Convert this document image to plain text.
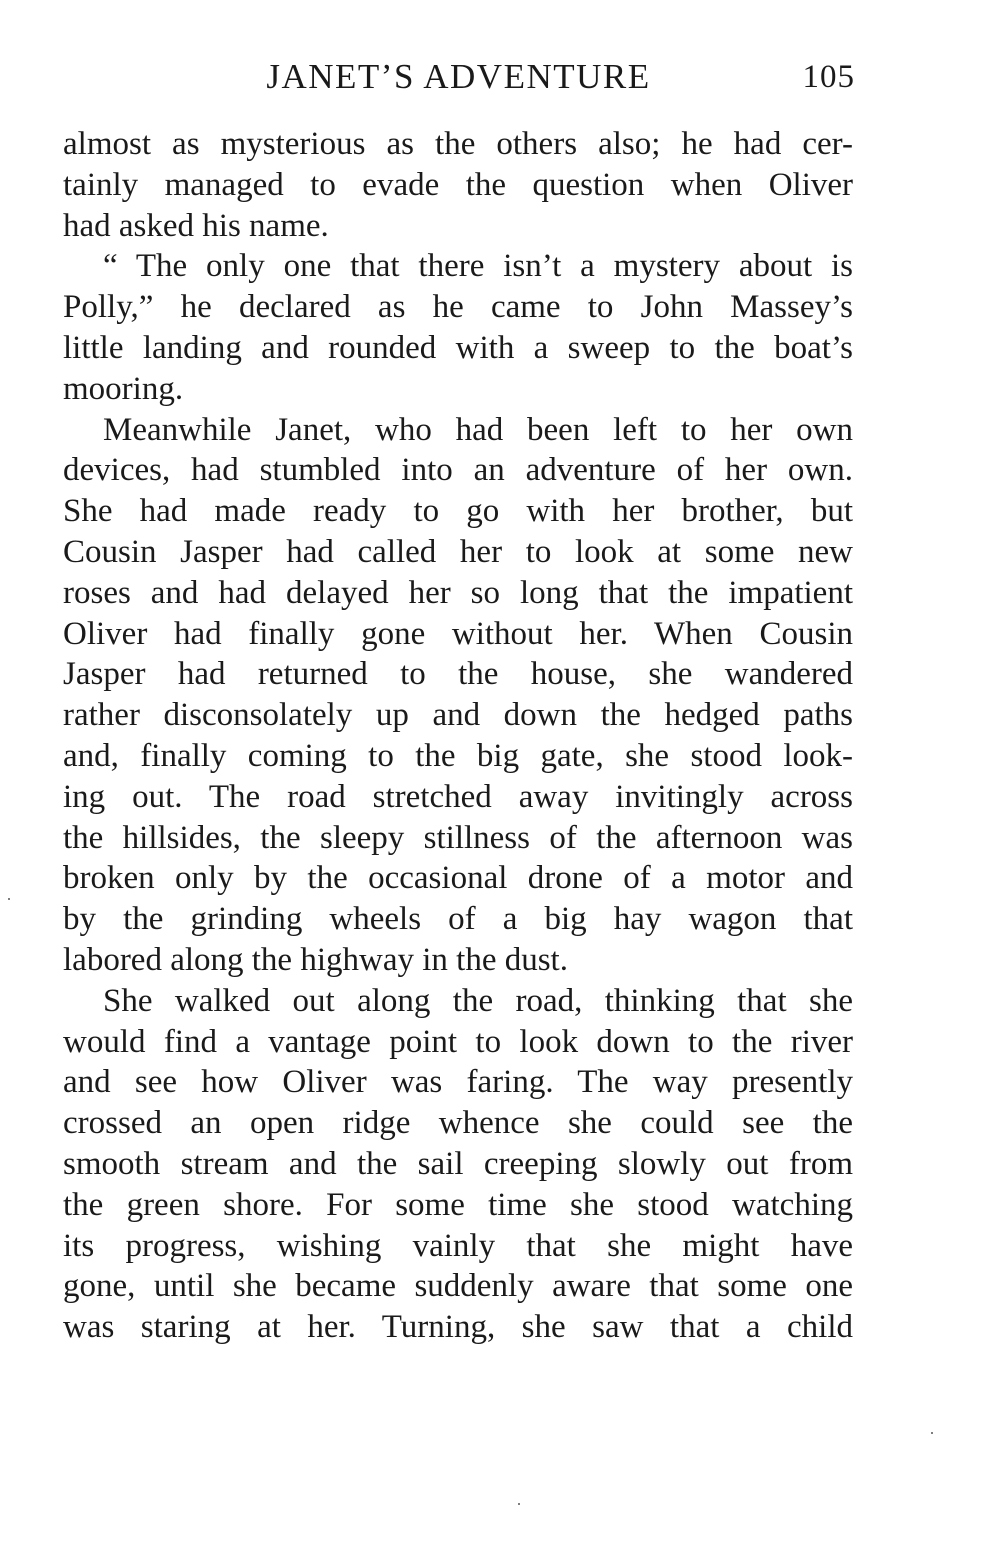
JANET’S ADVENTURE	105
almost as mysterious as the others also; he had cer-
tainly managed to evade the question when Oliver
had asked his name.
“ The only one that there isn’t a mystery about is
Polly,” he declared as he came to John Massey’s
little landing and rounded with a sweep to the boat’s
mooring.
Meanwhile Janet, who had been left to her own
devices, had stumbled into an adventure of her own.
She had made ready to go with her brother, but
Cousin Jasper had called her to look at some new
roses and had delayed her so long that the impatient
Oliver had finally gone without her. When Cousin
Jasper had returned to the house, she wandered
rather disconsolately up and down the hedged paths
and, finally coming to the big gate, she stood look-
ing out. The road stretched away invitingly across
the hillsides, the sleepy stillness of the afternoon was
broken only by the occasional drone of a motor and
by the grinding wheels of a big hay wagon that
labored along the highway in the dust.
She walked out along the road, thinking that she
would find a vantage point to look down to the river
and see how Oliver was faring. The way presently
crossed an open ridge whence she could see the
smooth stream and the sail creeping slowly out from
the green shore. For some time she stood watching
its progress, wishing vainly that she might have
gone, until she became suddenly aware that some one
was staring at her. Turning, she saw that a child
